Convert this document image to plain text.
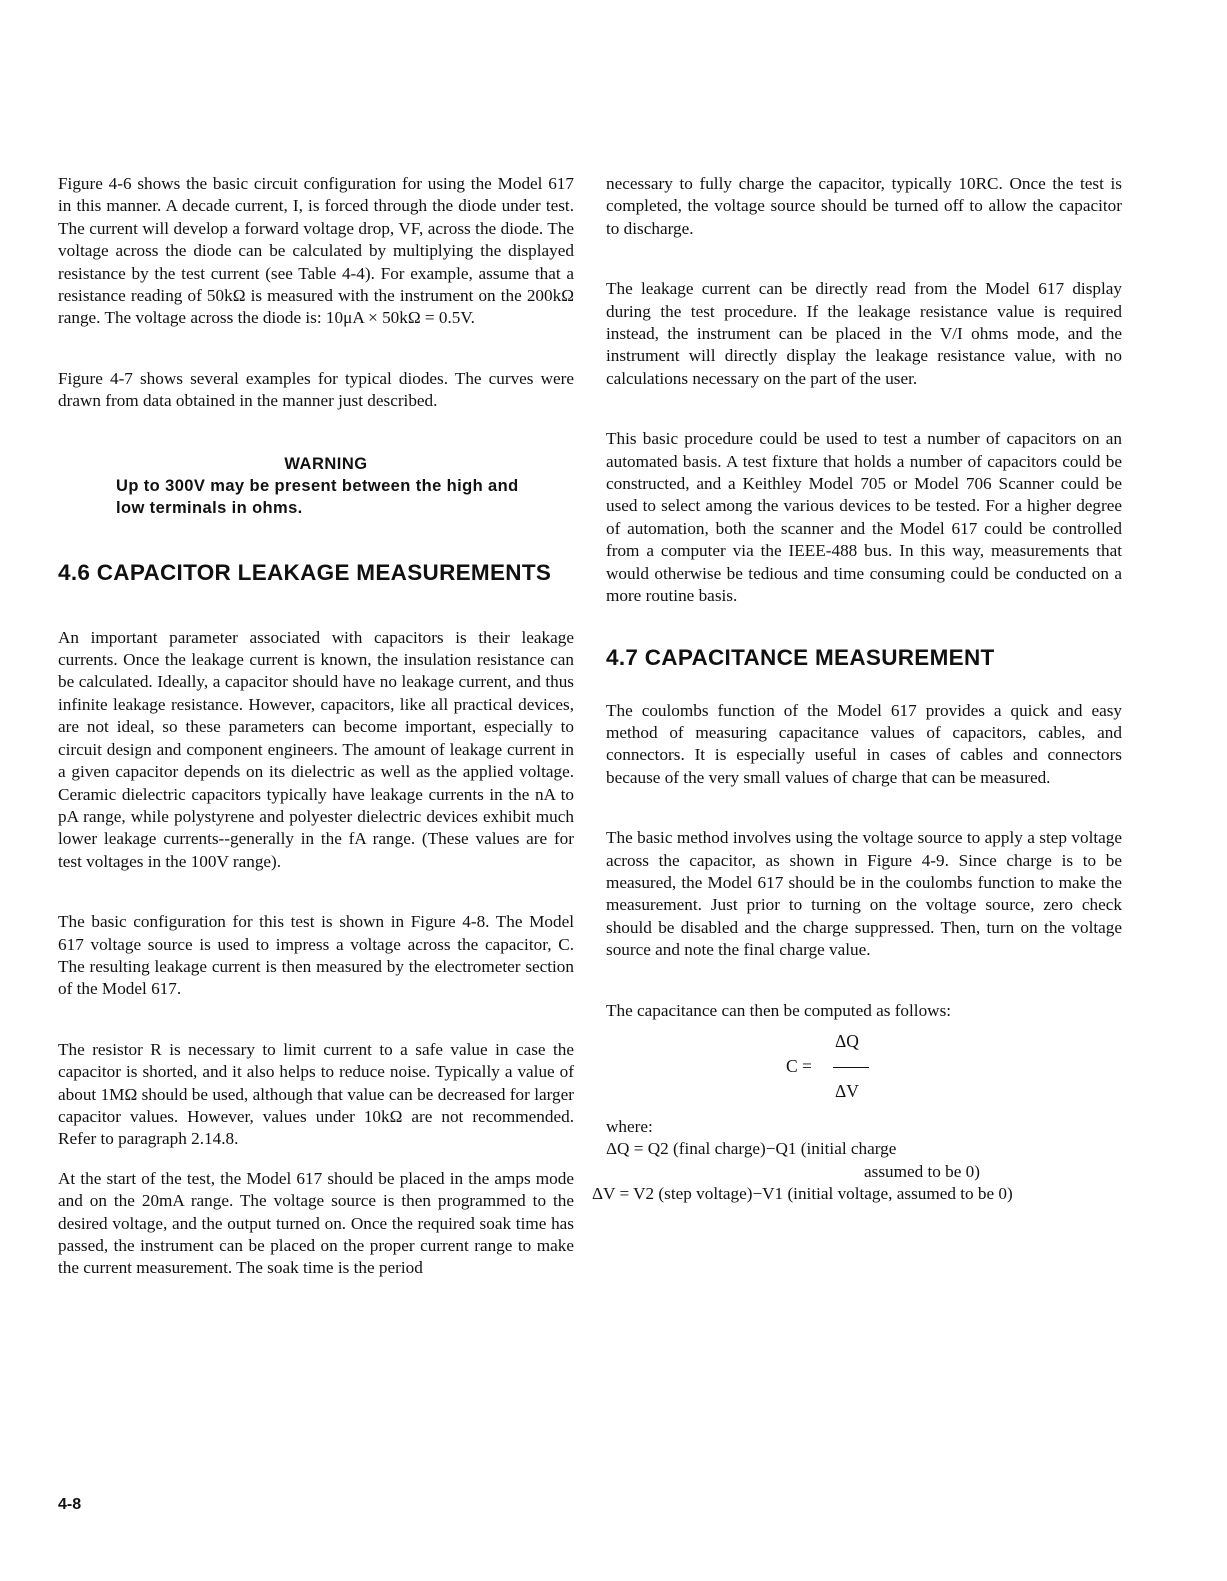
Figure 4-6 shows the basic circuit configuration for using the Model 617 in this manner. A decade current, I, is forced through the diode under test. The current will develop a forward voltage drop, VF, across the diode. The voltage across the diode can be calculated by multiplying the displayed resistance by the test current (see Table 4-4). For example, assume that a resistance reading of 50kΩ is measured with the instrument on the 200kΩ range. The voltage across the diode is: 10μA × 50kΩ = 0.5V.

Figure 4-7 shows several examples for typical diodes. The curves were drawn from data obtained in the manner just described.

WARNING

Up to 300V may be present between the high and low terminals in ohms.

4.6 CAPACITOR LEAKAGE MEASUREMENTS

An important parameter associated with capacitors is their leakage currents. Once the leakage current is known, the insulation resistance can be calculated. Ideally, a capacitor should have no leakage current, and thus infinite leakage resistance. However, capacitors, like all practical devices, are not ideal, so these parameters can become important, especially to circuit design and component engineers. The amount of leakage current in a given capacitor depends on its dielectric as well as the applied voltage. Ceramic dielectric capacitors typically have leakage currents in the nA to pA range, while polystyrene and polyester dielectric devices exhibit much lower leakage currents--generally in the fA range. (These values are for test voltages in the 100V range).

The basic configuration for this test is shown in Figure 4-8. The Model 617 voltage source is used to impress a voltage across the capacitor, C. The resulting leakage current is then measured by the electrometer section of the Model 617.

The resistor R is necessary to limit current to a safe value in case the capacitor is shorted, and it also helps to reduce noise. Typically a value of about 1MΩ should be used, although that value can be decreased for larger capacitor values. However, values under 10kΩ are not recommended. Refer to paragraph 2.14.8.

At the start of the test, the Model 617 should be placed in the amps mode and on the 20mA range. The voltage source is then programmed to the desired voltage, and the output turned on. Once the required soak time has passed, the instrument can be placed on the proper current range to make the current measurement. The soak time is the period

necessary to fully charge the capacitor, typically 10RC. Once the test is completed, the voltage source should be turned off to allow the capacitor to discharge.

The leakage current can be directly read from the Model 617 display during the test procedure. If the leakage resistance value is required instead, the instrument can be placed in the V/I ohms mode, and the instrument will directly display the leakage resistance value, with no calculations necessary on the part of the user.

This basic procedure could be used to test a number of capacitors on an automated basis. A test fixture that holds a number of capacitors could be constructed, and a Keithley Model 705 or Model 706 Scanner could be used to select among the various devices to be tested. For a higher degree of automation, both the scanner and the Model 617 could be controlled from a computer via the IEEE-488 bus. In this way, measurements that would otherwise be tedious and time consuming could be conducted on a more routine basis.

4.7 CAPACITANCE MEASUREMENT

The coulombs function of the Model 617 provides a quick and easy method of measuring capacitance values of capacitors, cables, and connectors. It is especially useful in cases of cables and connectors because of the very small values of charge that can be measured.

The basic method involves using the voltage source to apply a step voltage across the capacitor, as shown in Figure 4-9. Since charge is to be measured, the Model 617 should be in the coulombs function to make the measurement. Just prior to turning on the voltage source, zero check should be disabled and the charge suppressed. Then, turn on the voltage source and note the final charge value.

The capacitance can then be computed as follows:

ΔQ
C =
ΔV

where:

ΔQ = Q2 (final charge)−Q1 (initial charge

assumed to be 0)

ΔV = V2 (step voltage)−V1 (initial voltage, assumed to be 0)

4-8
